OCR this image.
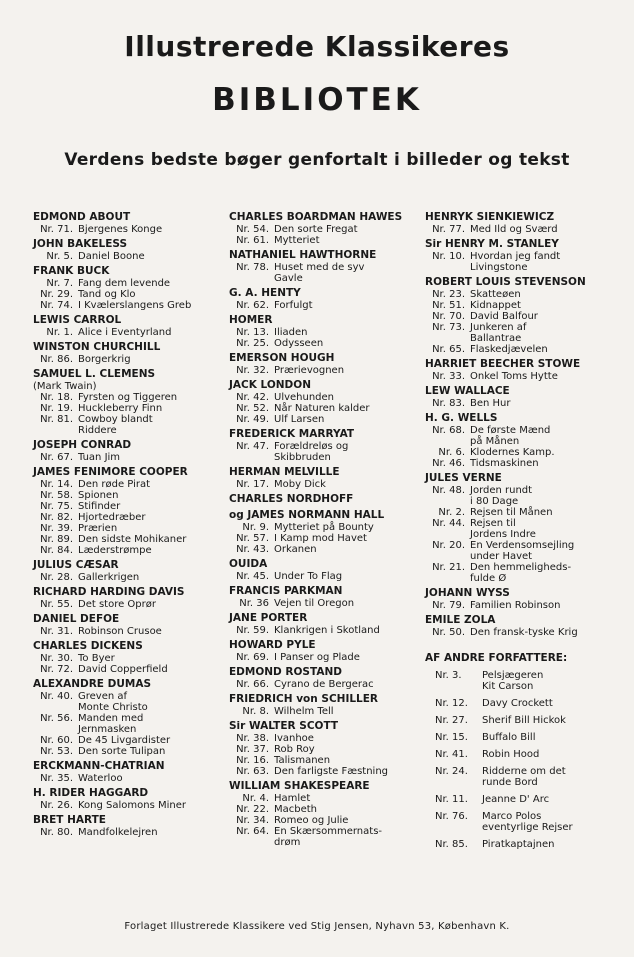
Illustrerede Klassikeres
BIBLIOTEK
Verdens bedste bøger genfortalt i billeder og tekst
EDMOND ABOUT
Nr. 71. Bjergenes Konge
JOHN BAKELESS
Nr. 5. Daniel Boone
FRANK BUCK
Nr. 7. Fang dem levende
Nr. 29. Tand og Klo
Nr. 74. I Kvælerslangens Greb
LEWIS CARROL
Nr. 1. Alice i Eventyrland
WINSTON CHURCHILL
Nr. 86. Borgerkrig
SAMUEL L. CLEMENS
(Mark Twain)
Nr. 18. Fyrsten og Tiggeren
Nr. 19. Huckleberry Finn
Nr. 81. Cowboy blandt
Riddere
JOSEPH CONRAD
Nr. 67. Tuan Jim
JAMES FENIMORE COOPER
Nr. 14. Den røde Pirat
Nr. 58. Spionen
Nr. 75. Stifinder
Nr. 82. Hjortedræber
Nr. 39. Prærien
Nr. 89. Den sidste Mohikaner
Nr. 84. Læderstrømpe
JULIUS CÆSAR
Nr. 28. Gallerkrigen
RICHARD HARDING DAVIS
Nr. 55. Det store Oprør
DANIEL DEFOE
Nr. 31. Robinson Crusoe
CHARLES DICKENS
Nr. 30. To Byer
Nr. 72. David Copperfield
ALEXANDRE DUMAS
Nr. 40. Greven af
Monte Christo
Nr. 56. Manden med
Jernmasken
Nr. 60. De 45 Livgardister
Nr. 53. Den sorte Tulipan
ERCKMANN-CHATRIAN
Nr. 35. Waterloo
H. RIDER HAGGARD
Nr. 26. Kong Salomons Miner
BRET HARTE
Nr. 80. Mandfolkelejren
CHARLES BOARDMAN HAWES
Nr. 54. Den sorte Fregat
Nr. 61. Mytteriet
NATHANIEL HAWTHORNE
Nr. 78. Huset med de syv
Gavle
G. A. HENTY
Nr. 62. Forfulgt
HOMER
Nr. 13. Iliaden
Nr. 25. Odysseen
EMERSON HOUGH
Nr. 32. Prærievognen
JACK LONDON
Nr. 42. Ulvehunden
Nr. 52. Når Naturen kalder
Nr. 49. Ulf Larsen
FREDERICK MARRYAT
Nr. 47. Forældreløs og
Skibbruden
HERMAN MELVILLE
Nr. 17. Moby Dick
CHARLES NORDHOFF
og JAMES NORMANN HALL
Nr. 9. Mytteriet på Bounty
Nr. 57. I Kamp mod Havet
Nr. 43. Orkanen
OUIDA
Nr. 45. Under To Flag
FRANCIS PARKMAN
Nr. 36 Vejen til Oregon
JANE PORTER
Nr. 59. Klankrigen i Skotland
HOWARD PYLE
Nr. 69. I Panser og Plade
EDMOND ROSTAND
Nr. 66. Cyrano de Bergerac
FRIEDRICH von SCHILLER
Nr. 8. Wilhelm Tell
Sir WALTER SCOTT
Nr. 38. Ivanhoe
Nr. 37. Rob Roy
Nr. 16. Talismanen
Nr. 63. Den farligste Fæstning
WILLIAM SHAKESPEARE
Nr. 4. Hamlet
Nr. 22. Macbeth
Nr. 34. Romeo og Julie
Nr. 64. En Skærsommernats-
drøm
HENRYK SIENKIEWICZ
Nr. 77. Med Ild og Sværd
Sir HENRY M. STANLEY
Nr. 10. Hvordan jeg fandt
Livingstone
ROBERT LOUIS STEVENSON
Nr. 23. Skatteøen
Nr. 51. Kidnappet
Nr. 70. David Balfour
Nr. 73. Junkeren af
Ballantrae
Nr. 65. Flaskedjævelen
HARRIET BEECHER STOWE
Nr. 33. Onkel Toms Hytte
LEW WALLACE
Nr. 83. Ben Hur
H. G. WELLS
Nr. 68. De første Mænd
på Månen
Nr. 6. Klodernes Kamp.
Nr. 46. Tidsmaskinen
JULES VERNE
Nr. 48. Jorden rundt
i 80 Dage
Nr. 2. Rejsen til Månen
Nr. 44. Rejsen til
Jordens Indre
Nr. 20. En Verdensomsejling
under Havet
Nr. 21. Den hemmeligheds-
fulde Ø
JOHANN WYSS
Nr. 79. Familien Robinson
EMILE ZOLA
Nr. 50. Den fransk-tyske Krig
AF ANDRE FORFATTERE:
Nr. 3.	Pelsjægeren
Kit Carson
Nr. 12.	Davy Crockett
Nr. 27.	Sherif Bill Hickok
Nr. 15.	Buffalo Bill
Nr. 41.	Robin Hood
Nr. 24.	Ridderne om det
runde Bord
Nr. 11.	Jeanne D' Arc
Nr. 76.	Marco Polos
eventyrlige Rejser
Nr. 85.	Piratkaptajnen
Forlaget Illustrerede Klassikere ved Stig Jensen, Nyhavn 53, København K.
